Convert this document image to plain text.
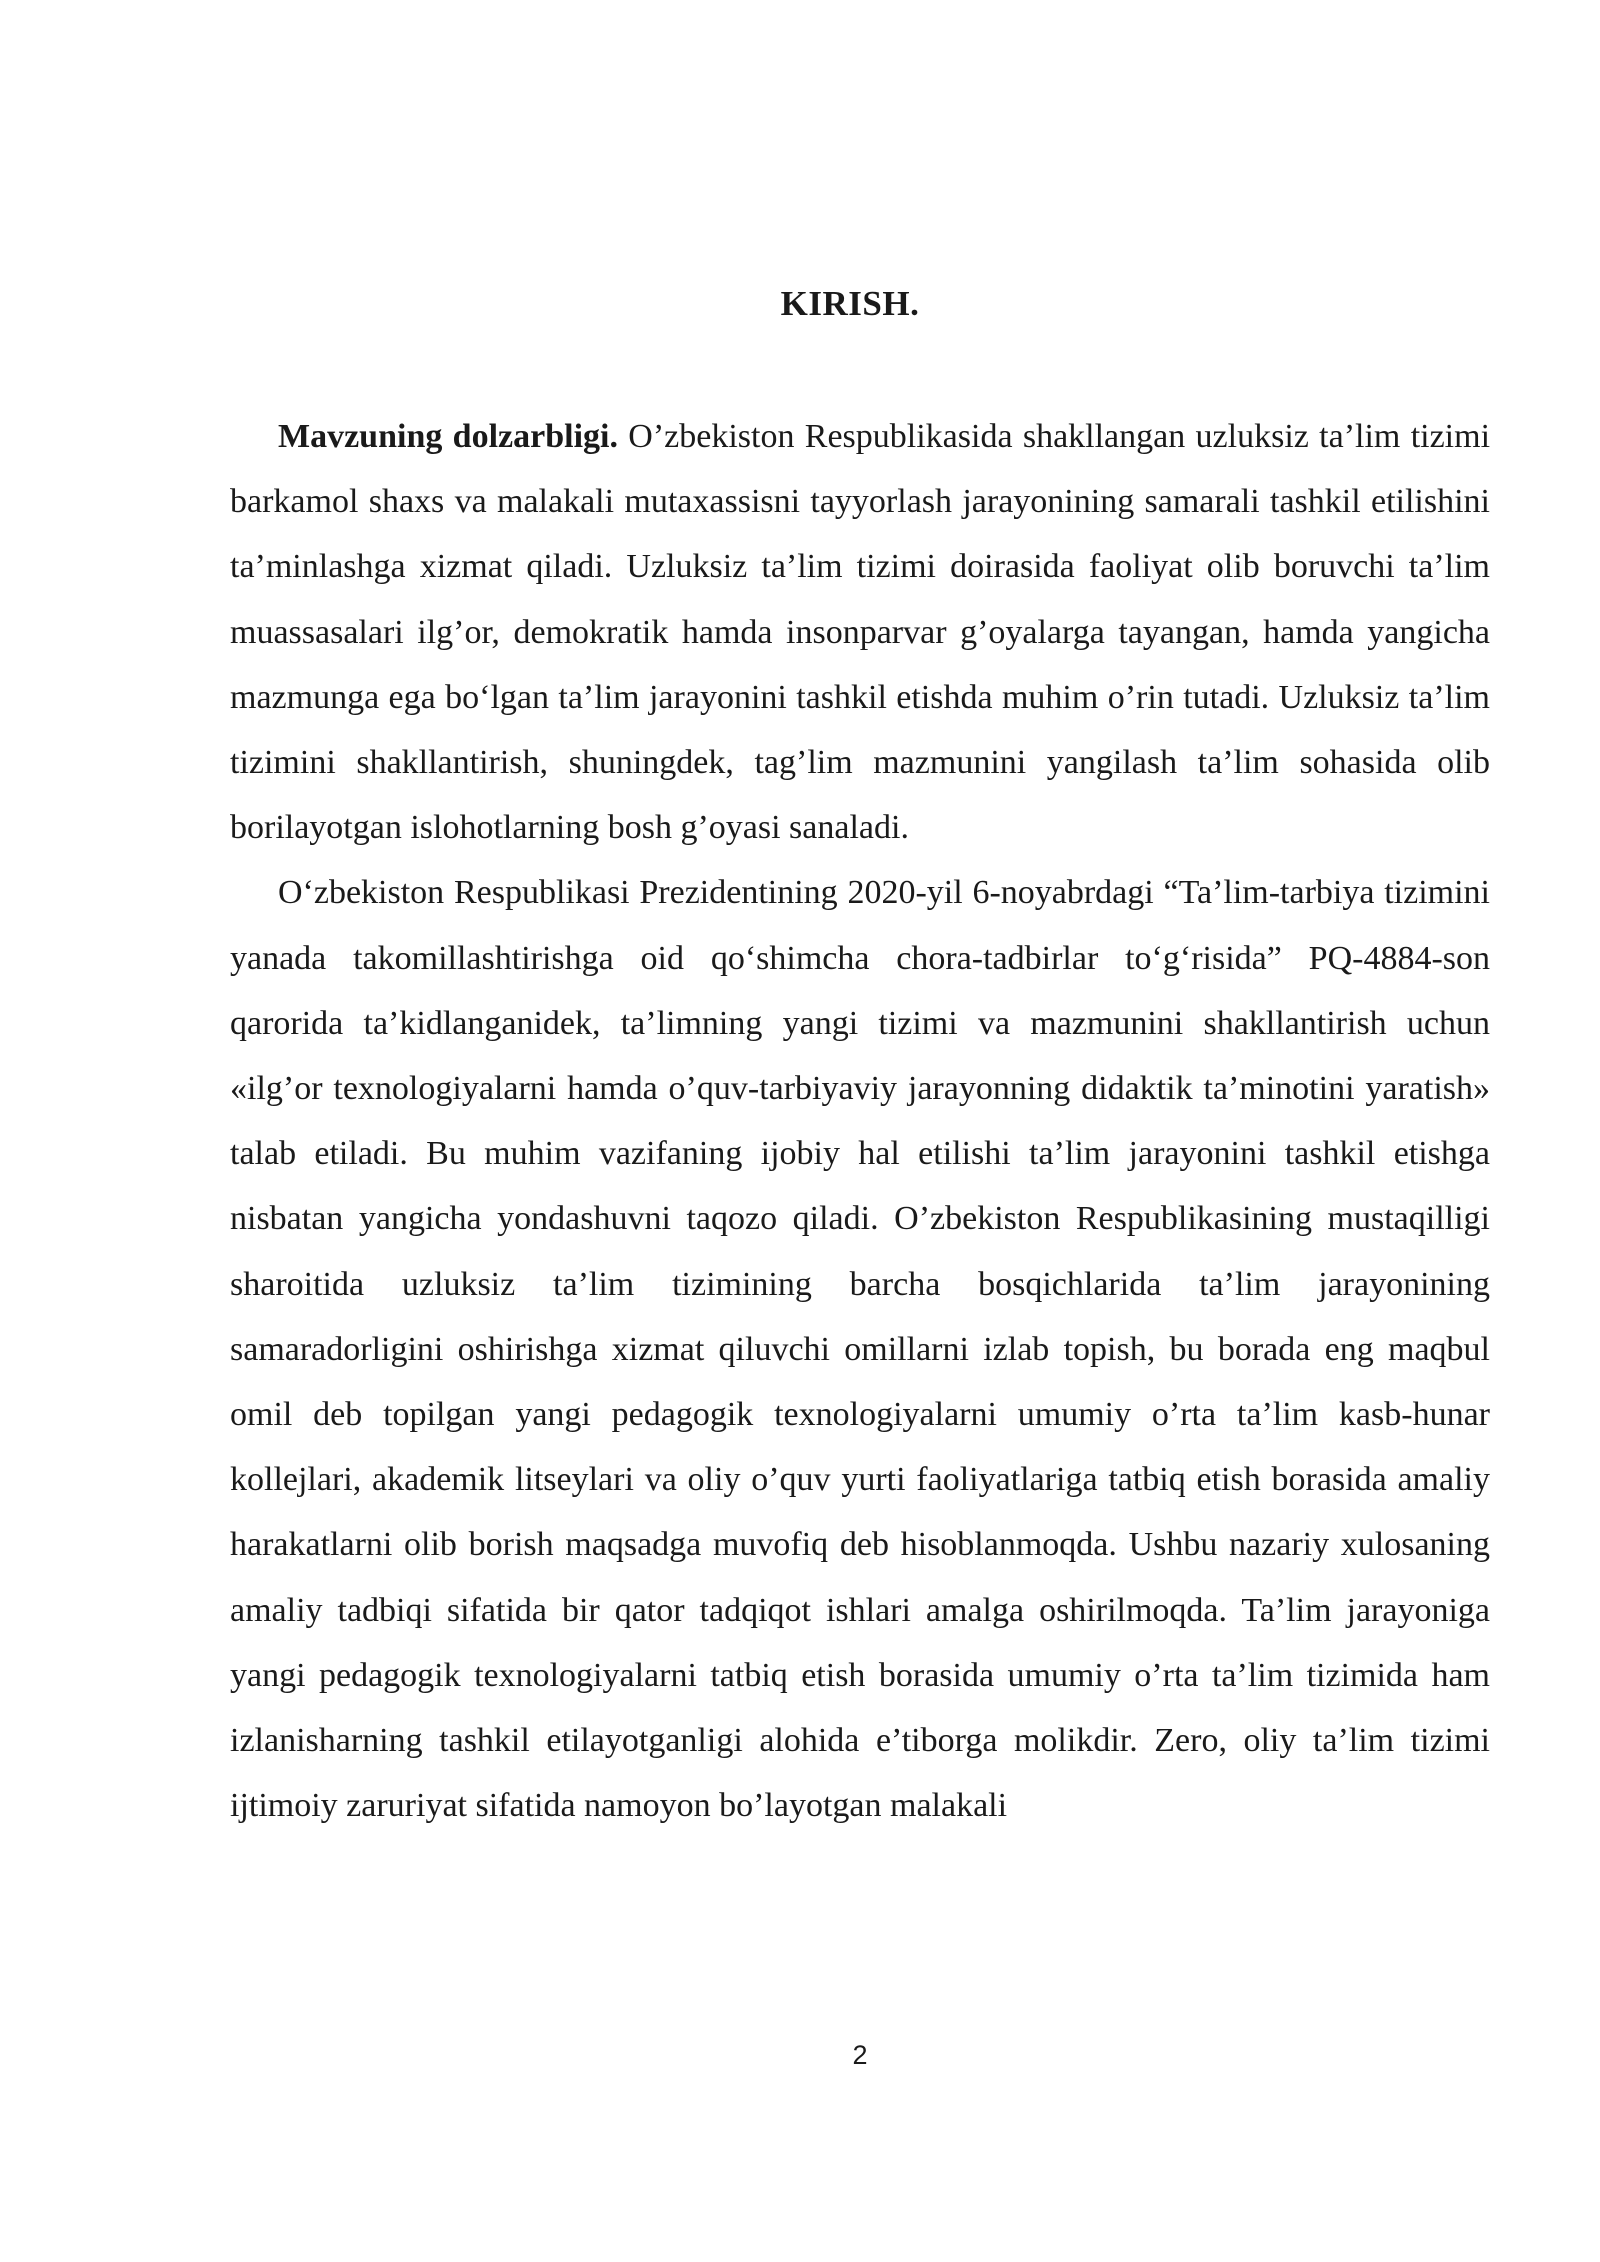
KIRISH.

Mavzuning dolzarbligi. O’zbekiston Respublikasida shakllangan uzluksiz ta’lim tizimi barkamol shaxs va malakali mutaxassisni tayyorlash jarayonining samarali tashkil etilishini ta’minlashga xizmat qiladi. Uzluksiz ta’lim tizimi doirasida faoliyat olib boruvchi ta’lim muassasalari ilg’or, demokratik hamda insonparvar g’oyalarga tayangan, hamda yangicha mazmunga ega bo‘lgan ta’lim jarayonini tashkil etishda muhim o’rin tutadi. Uzluksiz ta’lim tizimini shakllantirish, shuningdek, tag’lim mazmunini yangilash ta’lim sohasida olib borilayotgan islohotlarning bosh g’oyasi sanaladi.

O‘zbekiston Respublikasi Prezidentining 2020-yil 6-noyabrdagi “Ta’lim-tarbiya tizimini yanada takomillashtirishga oid qo‘shimcha chora-tadbirlar to‘g‘risida” PQ-4884-son qarorida ta’kidlanganidek, ta’limning yangi tizimi va mazmunini shakllantirish uchun «ilg’or texnologiyalarni hamda o’quv-tarbiyaviy jarayonning didaktik ta’minotini yaratish» talab etiladi. Bu muhim vazifaning ijobiy hal etilishi ta’lim jarayonini tashkil etishga nisbatan yangicha yondashuvni taqozo qiladi. O’zbekiston Respublikasining mustaqilligi sharoitida uzluksiz ta’lim tizimining barcha bosqichlarida ta’lim jarayonining samaradorligini oshirishga xizmat qiluvchi omillarni izlab topish, bu borada eng maqbul omil deb topilgan yangi pedagogik texnologiyalarni umumiy o’rta ta’lim kasb-hunar kollejlari, akademik litseylari va oliy o’quv yurti faoliyatlariga tatbiq etish borasida amaliy harakatlarni olib borish maqsadga muvofiq deb hisoblanmoqda. Ushbu nazariy xulosaning amaliy tadbiqi sifatida bir qator tadqiqot ishlari amalga oshirilmoqda. Ta’lim jarayoniga yangi pedagogik texnologiyalarni tatbiq etish borasida umumiy o’rta ta’lim tizimida ham izlanisharning tashkil etilayotganligi alohida e’tiborga molikdir. Zero, oliy ta’lim tizimi ijtimoiy zaruriyat sifatida namoyon bo’layotgan malakali

2
